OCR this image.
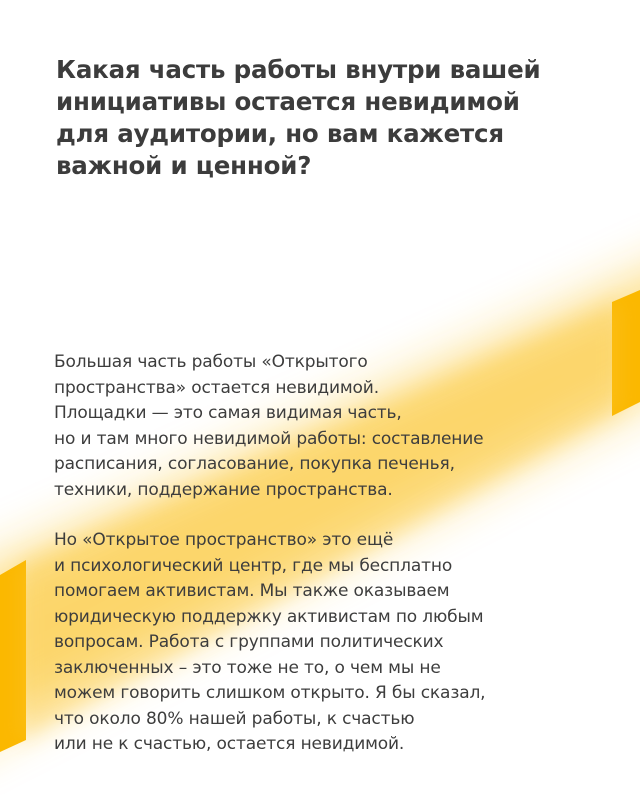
Какая часть работы внутри вашей
инициативы остается невидимой
для аудитории, но вам кажется
важной и ценной?

Большая часть работы «Открытого
пространства» остается невидимой.
Площадки — это самая видимая часть,
но и там много невидимой работы: составление
расписания, согласование, покупка печенья,
техники, поддержание пространства.

Но «Открытое пространство» это ещё
и психологический центр, где мы бесплатно
помогаем активистам. Мы также оказываем
юридическую поддержку активистам по любым
вопросам. Работа с группами политических
заключенных – это тоже не то, о чем мы не
можем говорить слишком открыто. Я бы сказал,
что около 80% нашей работы, к счастью
или не к счастью, остается невидимой.
